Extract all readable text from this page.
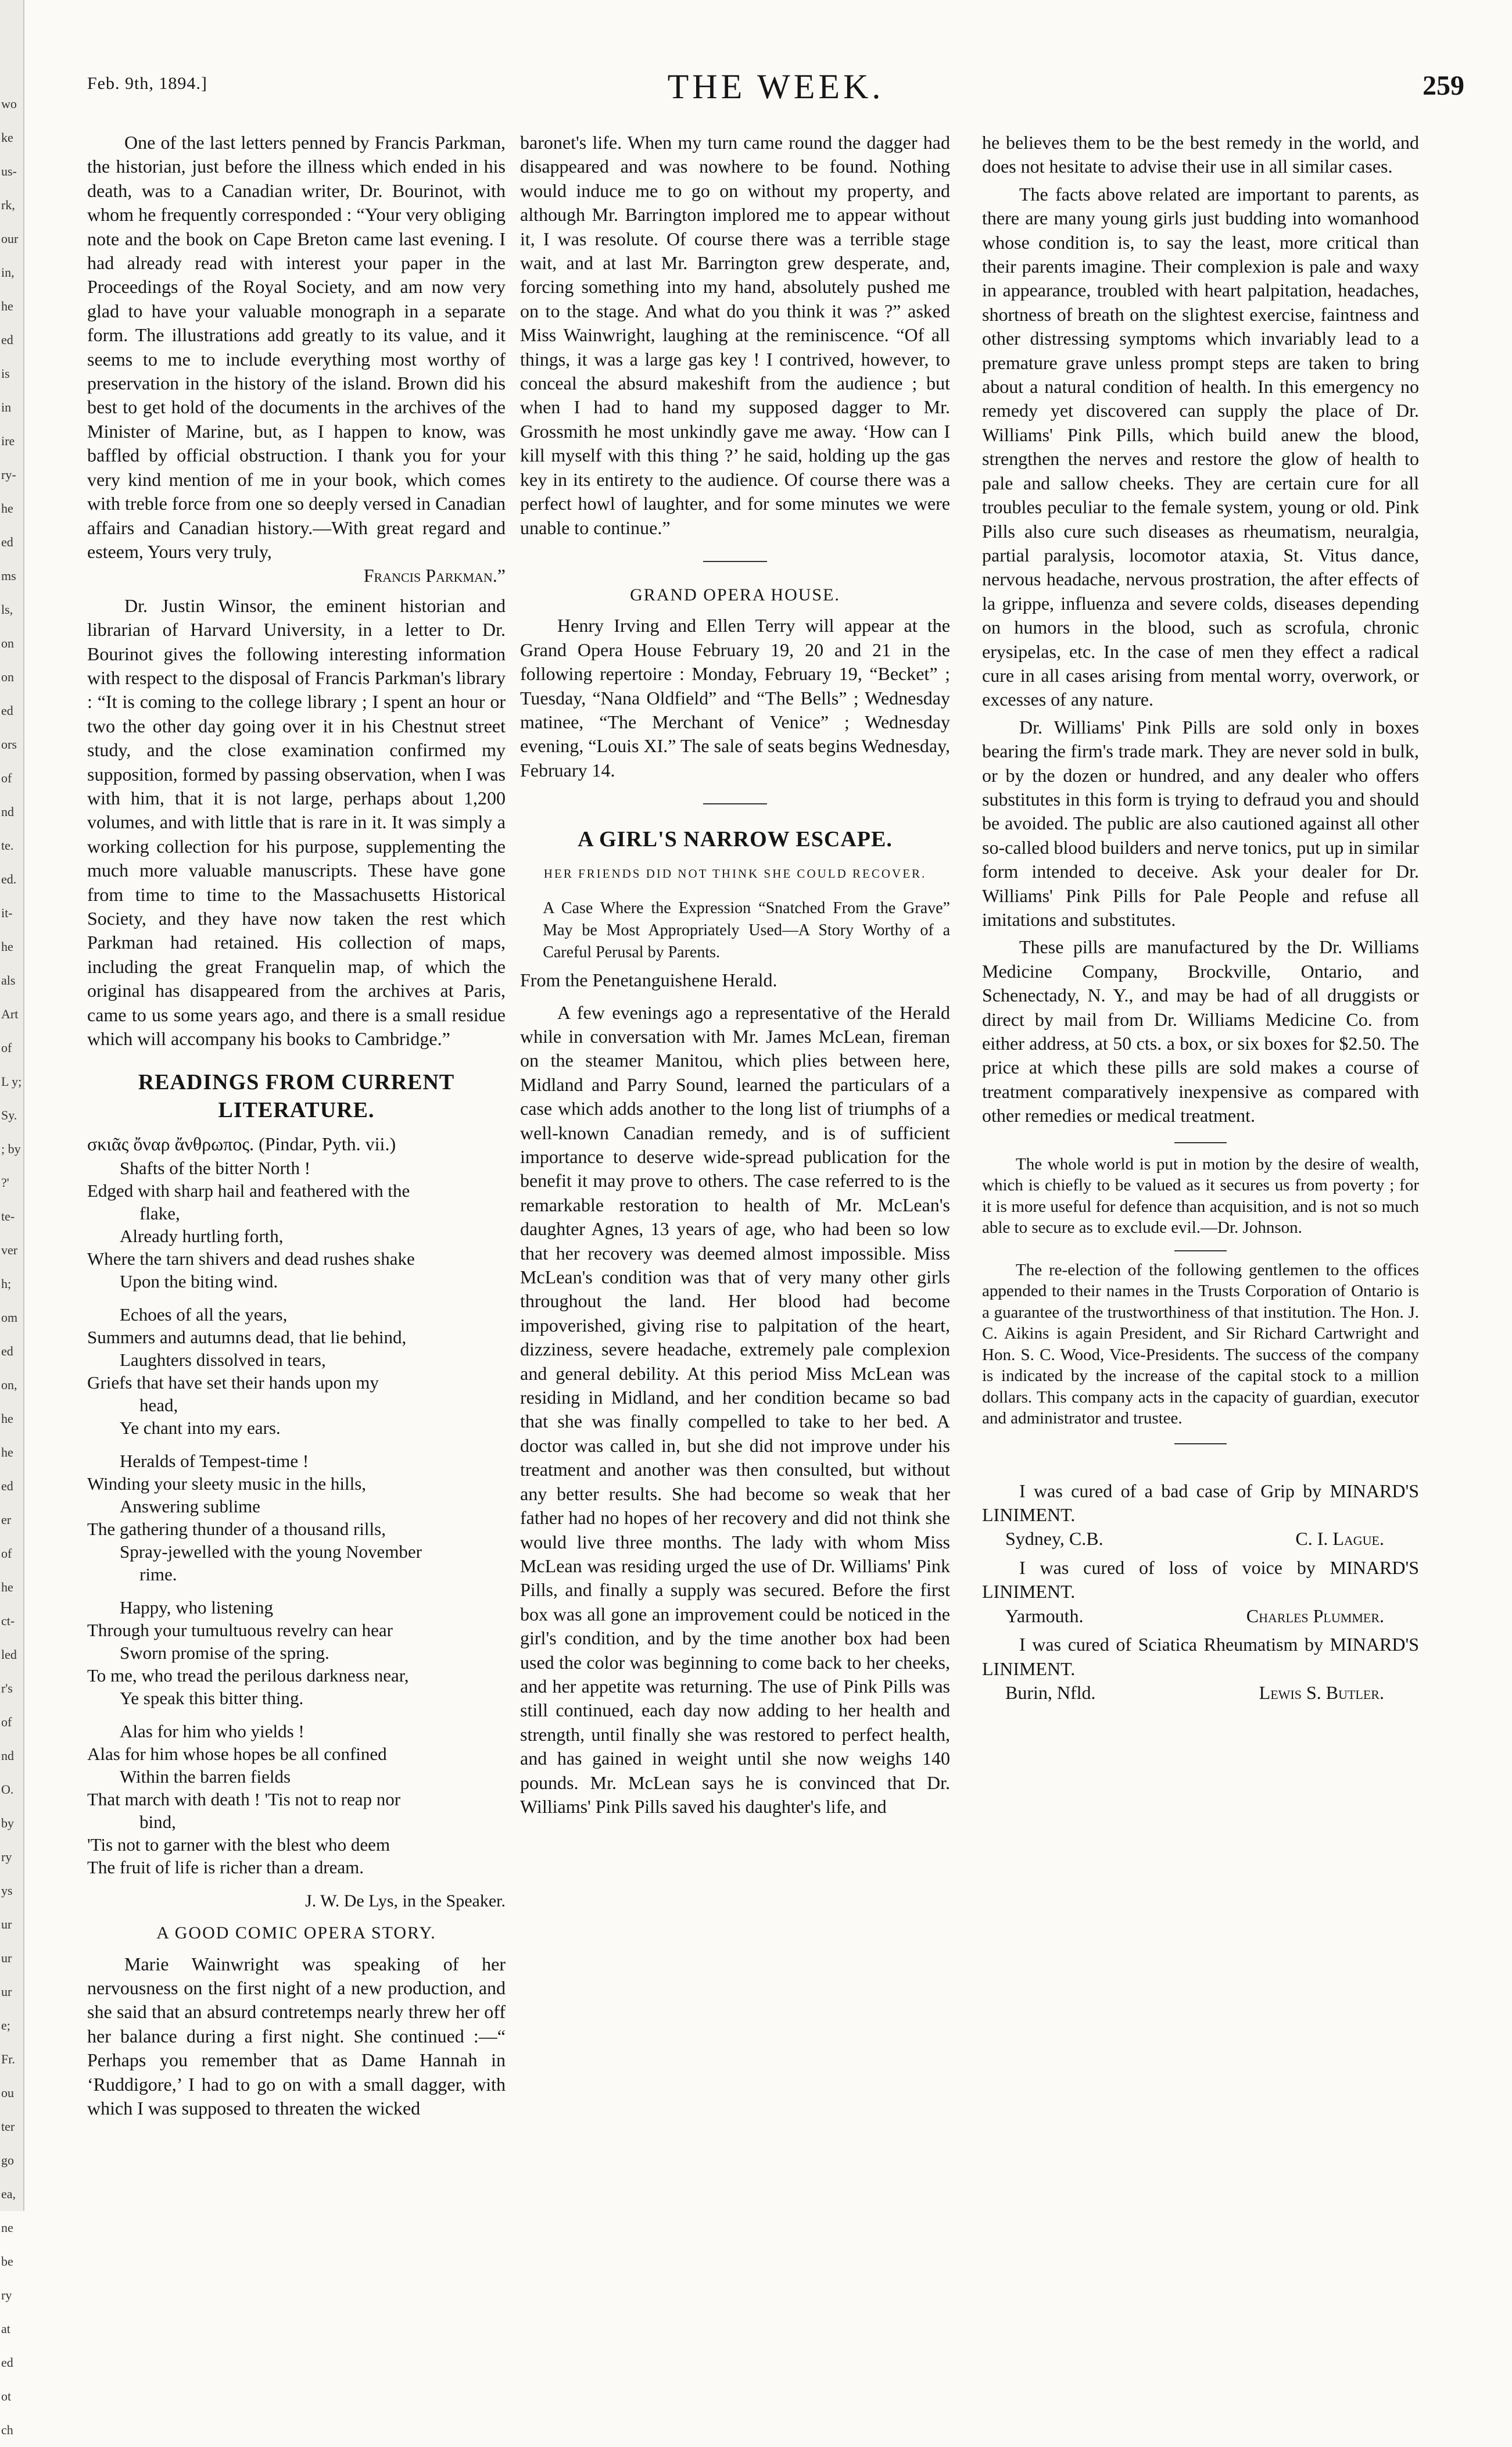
wo ke us- rk, our in, he ed is in ire ry- he ed ms ls, on on ed ors of nd te. ed. it- he als Art of L y; Sy. ; by ?' te- ver h; om ed on, he he ed er of he ct- led r's of nd O. by ry ys ur ur ur e; Fr. ou ter go ea, ne be ry at ed ot ch
Feb. 9th, 1894.]	THE WEEK.	259

One of the last letters penned by Francis Parkman, the historian, just before the illness which ended in his death, was to a Canadian writer, Dr. Bourinot, with whom he frequently corresponded : “Your very obliging note and the book on Cape Breton came last evening. I had already read with interest your paper in the Proceedings of the Royal Society, and am now very glad to have your valuable monograph in a separate form. The illustrations add greatly to its value, and it seems to me to include everything most worthy of preservation in the history of the island. Brown did his best to get hold of the documents in the archives of the Minister of Marine, but, as I happen to know, was baffled by official obstruction. I thank you for your very kind mention of me in your book, which comes with treble force from one so deeply versed in Canadian affairs and Canadian history.—With great regard and esteem, Yours very truly,

Francis Parkman.”

Dr. Justin Winsor, the eminent historian and librarian of Harvard University, in a letter to Dr. Bourinot gives the following interesting information with respect to the disposal of Francis Parkman's library : “It is coming to the college library ; I spent an hour or two the other day going over it in his Chestnut street study, and the close examination confirmed my supposition, formed by passing observation, when I was with him, that it is not large, perhaps about 1,200 volumes, and with little that is rare in it. It was simply a working collection for his purpose, supplementing the much more valuable manuscripts. These have gone from time to time to the Massachusetts Historical Society, and they have now taken the rest which Parkman had retained. His collection of maps, including the great Franquelin map, of which the original has disappeared from the archives at Paris, came to us some years ago, and there is a small residue which will accompany his books to Cambridge.”

READINGS FROM CURRENT LITERATURE.

σκιᾶς ὄναρ ἄνθρωπος. (Pindar, Pyth. vii.)

Shafts of the bitter North !
Edged with sharp hail and feathered with the
flake,
Already hurtling forth,
Where the tarn shivers and dead rushes shake
Upon the biting wind.
Echoes of all the years,
Summers and autumns dead, that lie behind,
Laughters dissolved in tears,
Griefs that have set their hands upon my
head,
Ye chant into my ears.
Heralds of Tempest-time !
Winding your sleety music in the hills,
Answering sublime
The gathering thunder of a thousand rills,
Spray-jewelled with the young November
rime.
Happy, who listening
Through your tumultuous revelry can hear
Sworn promise of the spring.
To me, who tread the perilous darkness near,
Ye speak this bitter thing.
Alas for him who yields !
Alas for him whose hopes be all confined
Within the barren fields
That march with death ! 'Tis not to reap nor
bind,
'Tis not to garner with the blest who deem
The fruit of life is richer than a dream.

J. W. De Lys, in the Speaker.

A GOOD COMIC OPERA STORY.

Marie Wainwright was speaking of her nervousness on the first night of a new production, and she said that an absurd contretemps nearly threw her off her balance during a first night. She continued :—“ Perhaps you remember that as Dame Hannah in ‘Ruddigore,’ I had to go on with a small dagger, with which I was supposed to threaten the wicked

baronet's life. When my turn came round the dagger had disappeared and was nowhere to be found. Nothing would induce me to go on without my property, and although Mr. Barrington implored me to appear without it, I was resolute. Of course there was a terrible stage wait, and at last Mr. Barrington grew desperate, and, forcing something into my hand, absolutely pushed me on to the stage. And what do you think it was ?” asked Miss Wainwright, laughing at the reminiscence. “Of all things, it was a large gas key ! I contrived, however, to conceal the absurd makeshift from the audience ; but when I had to hand my supposed dagger to Mr. Grossmith he most unkindly gave me away. ‘How can I kill myself with this thing ?’ he said, holding up the gas key in its entirety to the audience. Of course there was a perfect howl of laughter, and for some minutes we were unable to continue.”

GRAND OPERA HOUSE.

Henry Irving and Ellen Terry will appear at the Grand Opera House February 19, 20 and 21 in the following repertoire : Monday, February 19, “Becket” ; Tuesday, “Nana Oldfield” and “The Bells” ; Wednesday matinee, “The Merchant of Venice” ; Wednesday evening, “Louis XI.” The sale of seats begins Wednesday, February 14.

A GIRL'S NARROW ESCAPE.
HER FRIENDS DID NOT THINK SHE COULD RECOVER.

A Case Where the Expression “Snatched From the Grave” May be Most Appropriately Used—A Story Worthy of a Careful Perusal by Parents.

From the Penetanguishene Herald.

A few evenings ago a representative of the Herald while in conversation with Mr. James McLean, fireman on the steamer Manitou, which plies between here, Midland and Parry Sound, learned the particulars of a case which adds another to the long list of triumphs of a well-known Canadian remedy, and is of sufficient importance to deserve wide-spread publication for the benefit it may prove to others. The case referred to is the remarkable restoration to health of Mr. McLean's daughter Agnes, 13 years of age, who had been so low that her recovery was deemed almost impossible. Miss McLean's condition was that of very many other girls throughout the land. Her blood had become impoverished, giving rise to palpitation of the heart, dizziness, severe headache, extremely pale complexion and general debility. At this period Miss McLean was residing in Midland, and her condition became so bad that she was finally compelled to take to her bed. A doctor was called in, but she did not improve under his treatment and another was then consulted, but without any better results. She had become so weak that her father had no hopes of her recovery and did not think she would live three months. The lady with whom Miss McLean was residing urged the use of Dr. Williams' Pink Pills, and finally a supply was secured. Before the first box was all gone an improvement could be noticed in the girl's condition, and by the time another box had been used the color was beginning to come back to her cheeks, and her appetite was returning. The use of Pink Pills was still continued, each day now adding to her health and strength, until finally she was restored to perfect health, and has gained in weight until she now weighs 140 pounds. Mr. McLean says he is convinced that Dr. Williams' Pink Pills saved his daughter's life, and

he believes them to be the best remedy in the world, and does not hesitate to advise their use in all similar cases.

The facts above related are important to parents, as there are many young girls just budding into womanhood whose condition is, to say the least, more critical than their parents imagine. Their complexion is pale and waxy in appearance, troubled with heart palpitation, headaches, shortness of breath on the slightest exercise, faintness and other distressing symptoms which invariably lead to a premature grave unless prompt steps are taken to bring about a natural condition of health. In this emergency no remedy yet discovered can supply the place of Dr. Williams' Pink Pills, which build anew the blood, strengthen the nerves and restore the glow of health to pale and sallow cheeks. They are certain cure for all troubles peculiar to the female system, young or old. Pink Pills also cure such diseases as rheumatism, neuralgia, partial paralysis, locomotor ataxia, St. Vitus dance, nervous headache, nervous prostration, the after effects of la grippe, influenza and severe colds, diseases depending on humors in the blood, such as scrofula, chronic erysipelas, etc. In the case of men they effect a radical cure in all cases arising from mental worry, overwork, or excesses of any nature.

Dr. Williams' Pink Pills are sold only in boxes bearing the firm's trade mark. They are never sold in bulk, or by the dozen or hundred, and any dealer who offers substitutes in this form is trying to defraud you and should be avoided. The public are also cautioned against all other so-called blood builders and nerve tonics, put up in similar form intended to deceive. Ask your dealer for Dr. Williams' Pink Pills for Pale People and refuse all imitations and substitutes.

These pills are manufactured by the Dr. Williams Medicine Company, Brockville, Ontario, and Schenectady, N. Y., and may be had of all druggists or direct by mail from Dr. Williams Medicine Co. from either address, at 50 cts. a box, or six boxes for $2.50. The price at which these pills are sold makes a course of treatment comparatively inexpensive as compared with other remedies or medical treatment.

The whole world is put in motion by the desire of wealth, which is chiefly to be valued as it secures us from poverty ; for it is more useful for defence than acquisition, and is not so much able to secure as to exclude evil.—Dr. Johnson.

The re-election of the following gentlemen to the offices appended to their names in the Trusts Corporation of Ontario is a guarantee of the trustworthiness of that institution. The Hon. J. C. Aikins is again President, and Sir Richard Cartwright and Hon. S. C. Wood, Vice-Presidents. The success of the company is indicated by the increase of the capital stock to a million dollars. This company acts in the capacity of guardian, executor and administrator and trustee.

I was cured of a bad case of Grip by MINARD'S LINIMENT.

Sydney, C.B.	C. I. Lague.

I was cured of loss of voice by MINARD'S LINIMENT.

Yarmouth.	Charles Plummer.

I was cured of Sciatica Rheumatism by MINARD'S LINIMENT.

Burin, Nfld.	Lewis S. Butler.
